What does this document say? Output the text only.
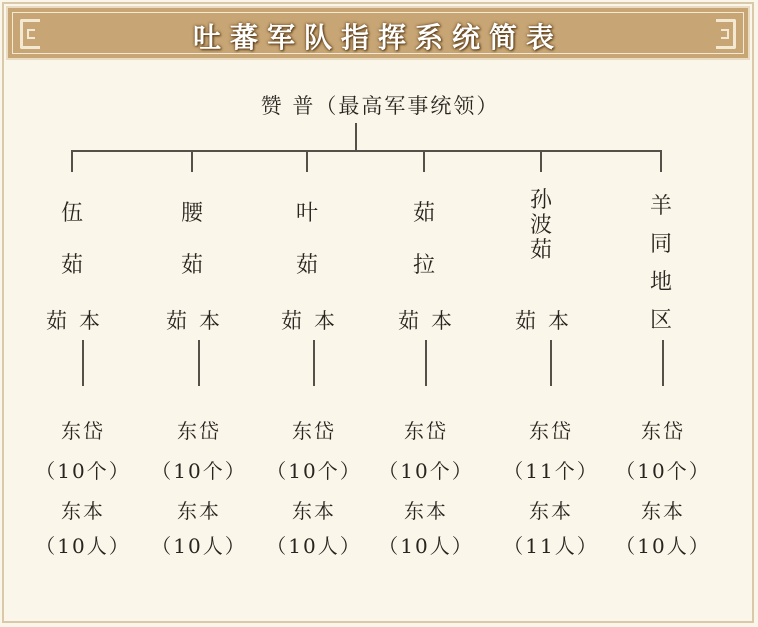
吐蕃军队指挥系统简表
赞 普（最高军事统领）
伍
茹
茹本
东岱
（10个）
东本
（10人）
腰
茹
茹本
东岱
（10个）
东本
（10人）
叶
茹
茹本
东岱
（10个）
东本
（10人）
茹
拉
茹本
东岱
（10个）
东本
（10人）
孙
波
茹
茹本
东岱
（11个）
东本
（11人）
羊
同
地
区
东岱
（10个）
东本
（10人）
